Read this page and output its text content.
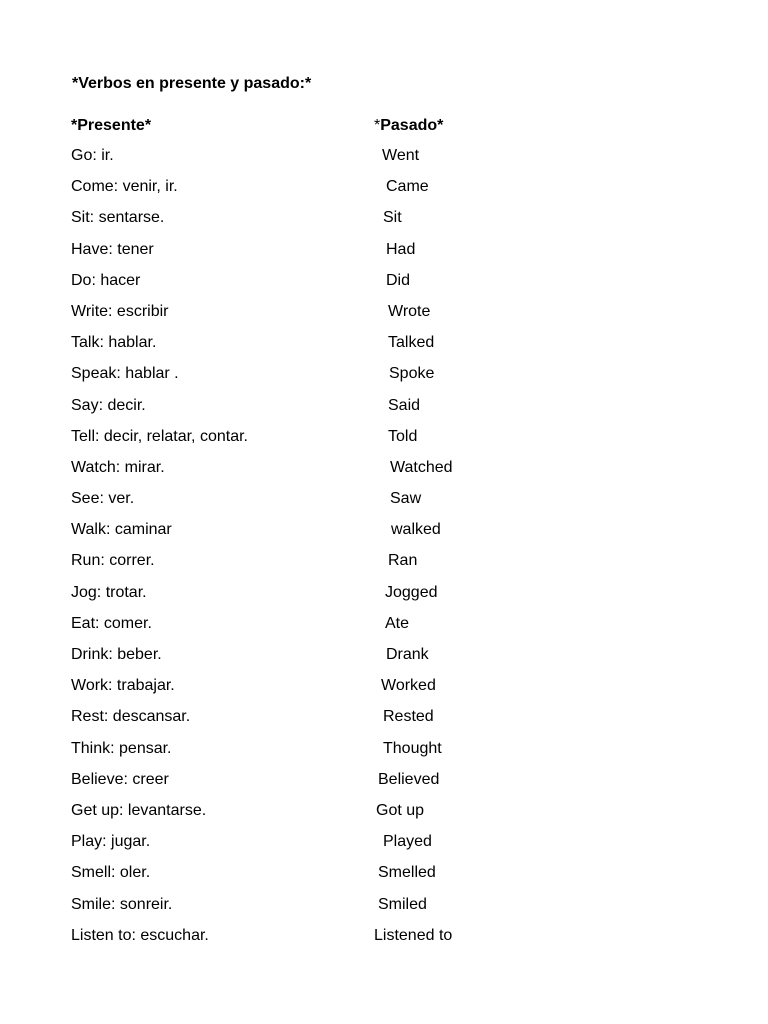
*Verbos en presente y pasado:*
*Presente*	*Pasado*
Go: ir.	Went
Come: venir, ir.	Came
Sit: sentarse.	Sit
Have: tener	Had
Do: hacer	Did
Write: escribir	Wrote
Talk: hablar.	Talked
Speak: hablar .	Spoke
Say: decir.	Said
Tell: decir, relatar, contar.	Told
Watch: mirar.	Watched
See: ver.	Saw
Walk: caminar	walked
Run: correr.	Ran
Jog: trotar.	Jogged
Eat: comer.	Ate
Drink: beber.	Drank
Work: trabajar.	Worked
Rest: descansar.	Rested
Think: pensar.	Thought
Believe: creer	Believed
Get up: levantarse.	Got up
Play: jugar.	Played
Smell: oler.	Smelled
Smile: sonreir.	Smiled
Listen to: escuchar.	Listened to
